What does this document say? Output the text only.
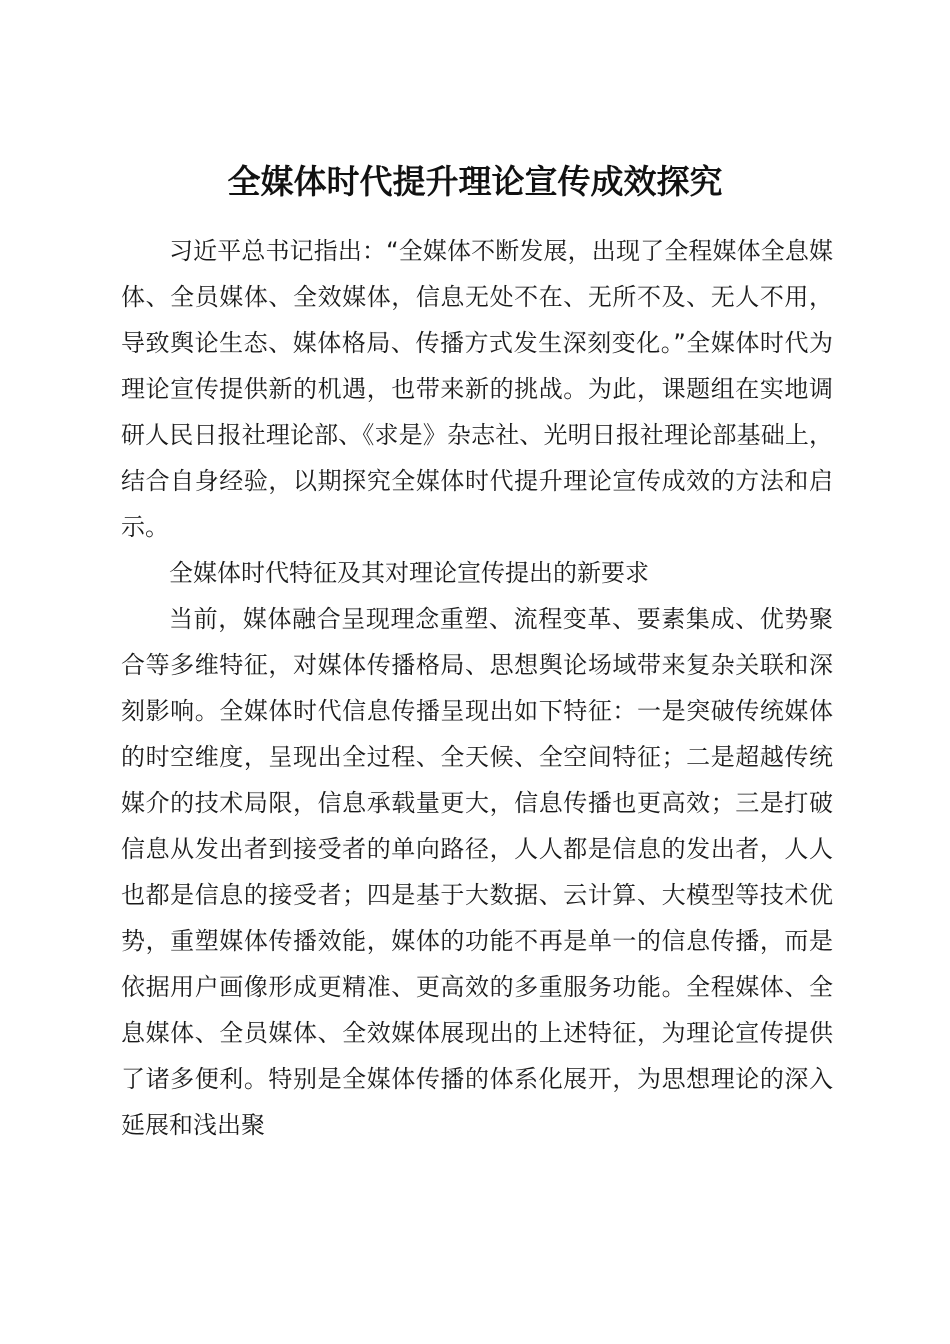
全媒体时代提升理论宣传成效探究

习近平总书记指出：“全媒体不断发展，出现了全程媒体全息媒体、全员媒体、全效媒体，信息无处不在、无所不及、无人不用，导致舆论生态、媒体格局、传播方式发生深刻变化。”全媒体时代为理论宣传提供新的机遇，也带来新的挑战。为此，课题组在实地调研人民日报社理论部、《求是》杂志社、光明日报社理论部基础上，结合自身经验，以期探究全媒体时代提升理论宣传成效的方法和启示。

全媒体时代特征及其对理论宣传提出的新要求

当前，媒体融合呈现理念重塑、流程变革、要素集成、优势聚合等多维特征，对媒体传播格局、思想舆论场域带来复杂关联和深刻影响。全媒体时代信息传播呈现出如下特征：一是突破传统媒体的时空维度，呈现出全过程、全天候、全空间特征；二是超越传统媒介的技术局限，信息承载量更大，信息传播也更高效；三是打破信息从发出者到接受者的单向路径，人人都是信息的发出者，人人也都是信息的接受者；四是基于大数据、云计算、大模型等技术优势，重塑媒体传播效能，媒体的功能不再是单一的信息传播，而是依据用户画像形成更精准、更高效的多重服务功能。全程媒体、全息媒体、全员媒体、全效媒体展现出的上述特征，为理论宣传提供了诸多便利。特别是全媒体传播的体系化展开，为思想理论的深入延展和浅出聚
